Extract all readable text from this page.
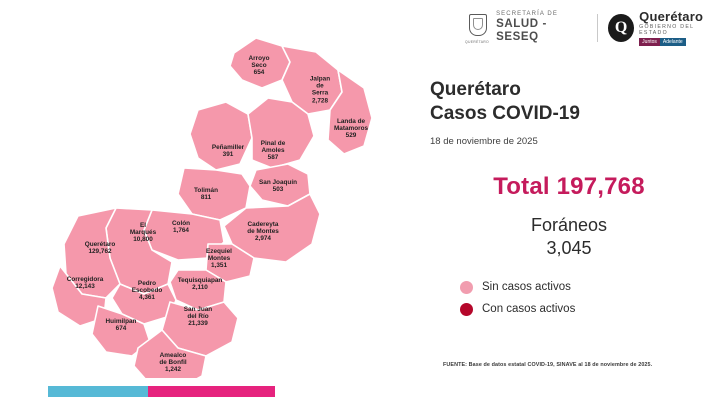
QUERÉTARO
SECRETARÍA DE
SALUD - SESEQ
Q
Querétaro
GOBIERNO DEL ESTADO
Juntos	Adelante
Arroyo
Seco
654
Jalpan
de
Serra
2,728
Landa de
Matamoros
529
Peñamiller
391
Pinal de
Amoles
587
San Joaquín
503
Tolimán
811
Colón
1,764
Cadereyta
de Montes
2,974
El
Marqués
10,800
Querétaro
129,762	Ezequiel
Montes
1,351
Tequisquiapan
2,110
Corregidora
12,143	Pedro
Escobedo
4,361
San Juan
del Río
21,339
Huimilpan
674
Amealco
de Bonfil
1,242
Querétaro
Casos COVID-19
18 de noviembre de 2025
Total 197,768
Foráneos
3,045
Sin casos activos
Con casos activos
FUENTE: Base de datos estatal COVID-19, SINAVE al 18 de noviembre de 2025.
